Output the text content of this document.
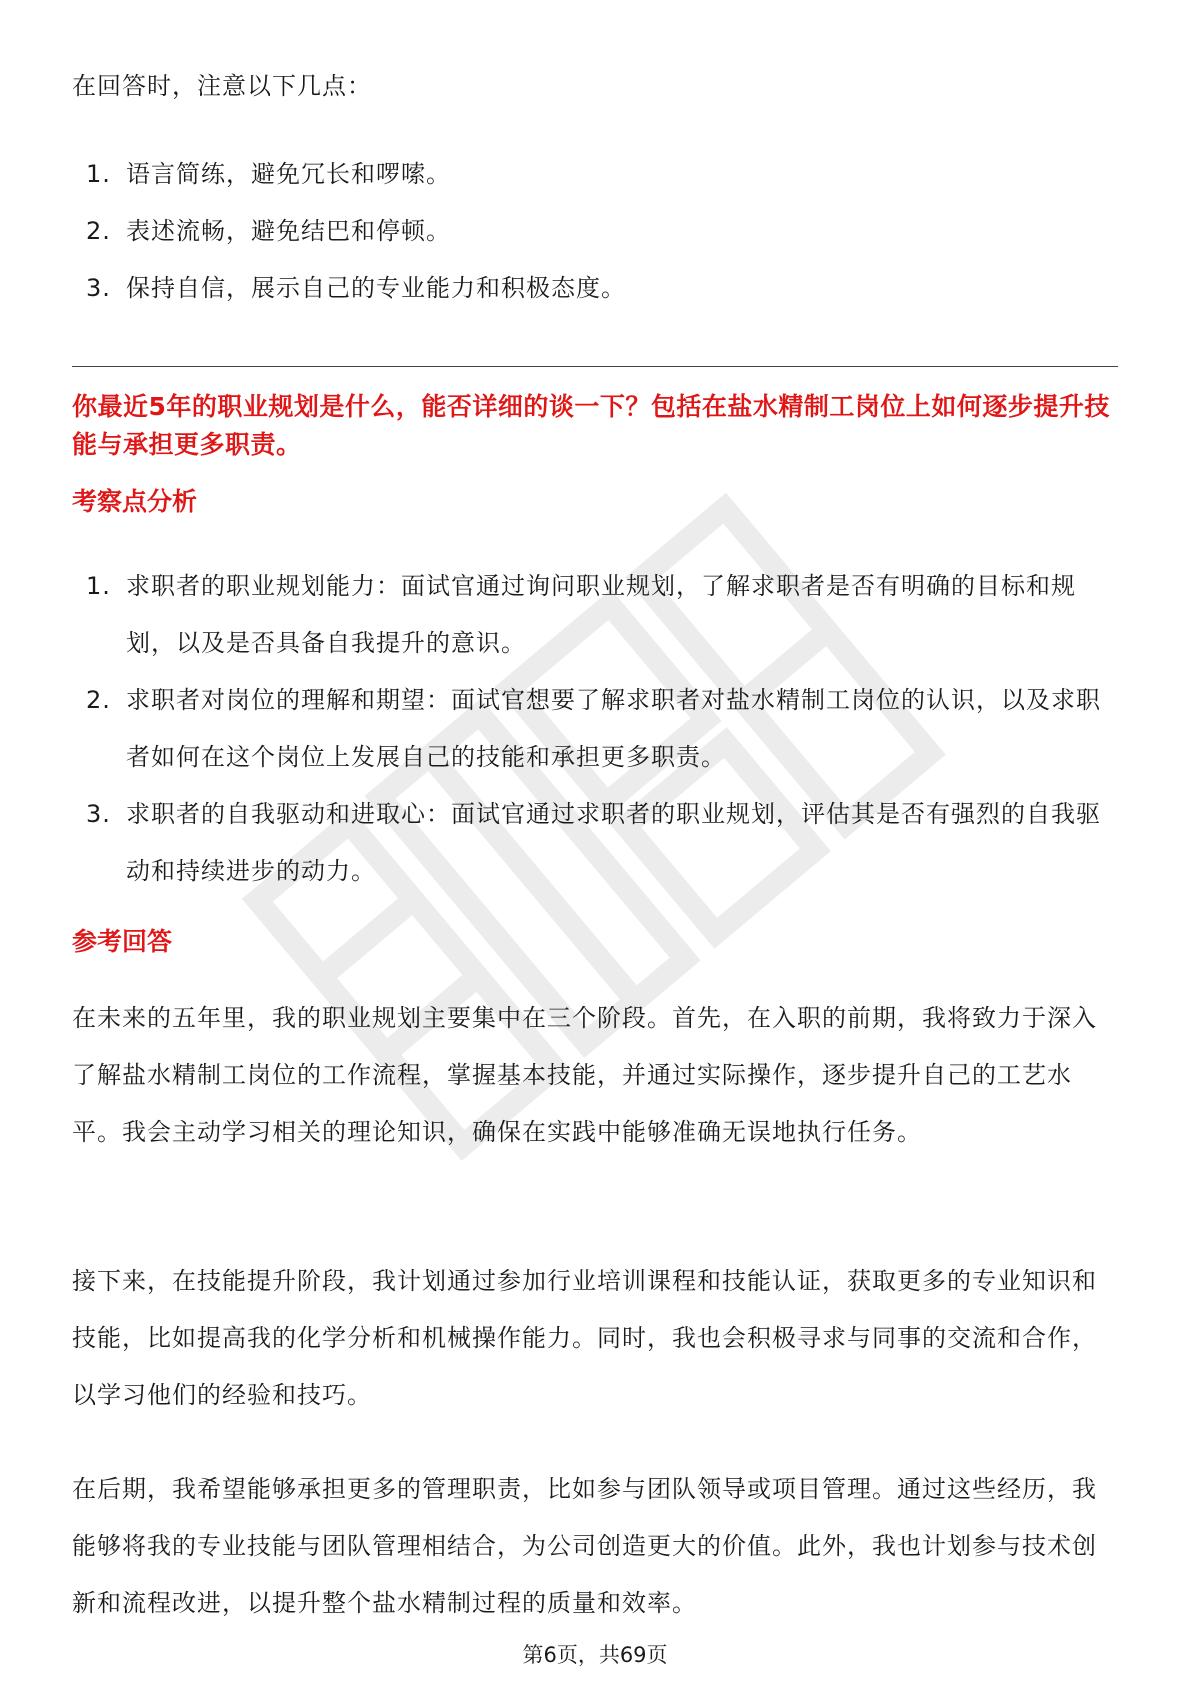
在回答时，注意以下几点：
1. 语言简练，避免冗长和啰嗦。
2. 表述流畅，避免结巴和停顿。
3. 保持自信，展示自己的专业能力和积极态度。
你最近5年的职业规划是什么，能否详细的谈一下？包括在盐水精制工岗位上如何逐步提升技能与承担更多职责。
考察点分析
1. 求职者的职业规划能力：面试官通过询问职业规划，了解求职者是否有明确的目标和规划，以及是否具备自我提升的意识。
2. 求职者对岗位的理解和期望：面试官想要了解求职者对盐水精制工岗位的认识，以及求职者如何在这个岗位上发展自己的技能和承担更多职责。
3. 求职者的自我驱动和进取心：面试官通过求职者的职业规划，评估其是否有强烈的自我驱动和持续进步的动力。
参考回答
在未来的五年里，我的职业规划主要集中在三个阶段。首先，在入职的前期，我将致力于深入了解盐水精制工岗位的工作流程，掌握基本技能，并通过实际操作，逐步提升自己的工艺水平。我会主动学习相关的理论知识，确保在实践中能够准确无误地执行任务。
接下来，在技能提升阶段，我计划通过参加行业培训课程和技能认证，获取更多的专业知识和技能，比如提高我的化学分析和机械操作能力。同时，我也会积极寻求与同事的交流和合作，以学习他们的经验和技巧。
在后期，我希望能够承担更多的管理职责，比如参与团队领导或项目管理。通过这些经历，我能够将我的专业技能与团队管理相结合，为公司创造更大的价值。此外，我也计划参与技术创新和流程改进，以提升整个盐水精制过程的质量和效率。
第6页，共69页
